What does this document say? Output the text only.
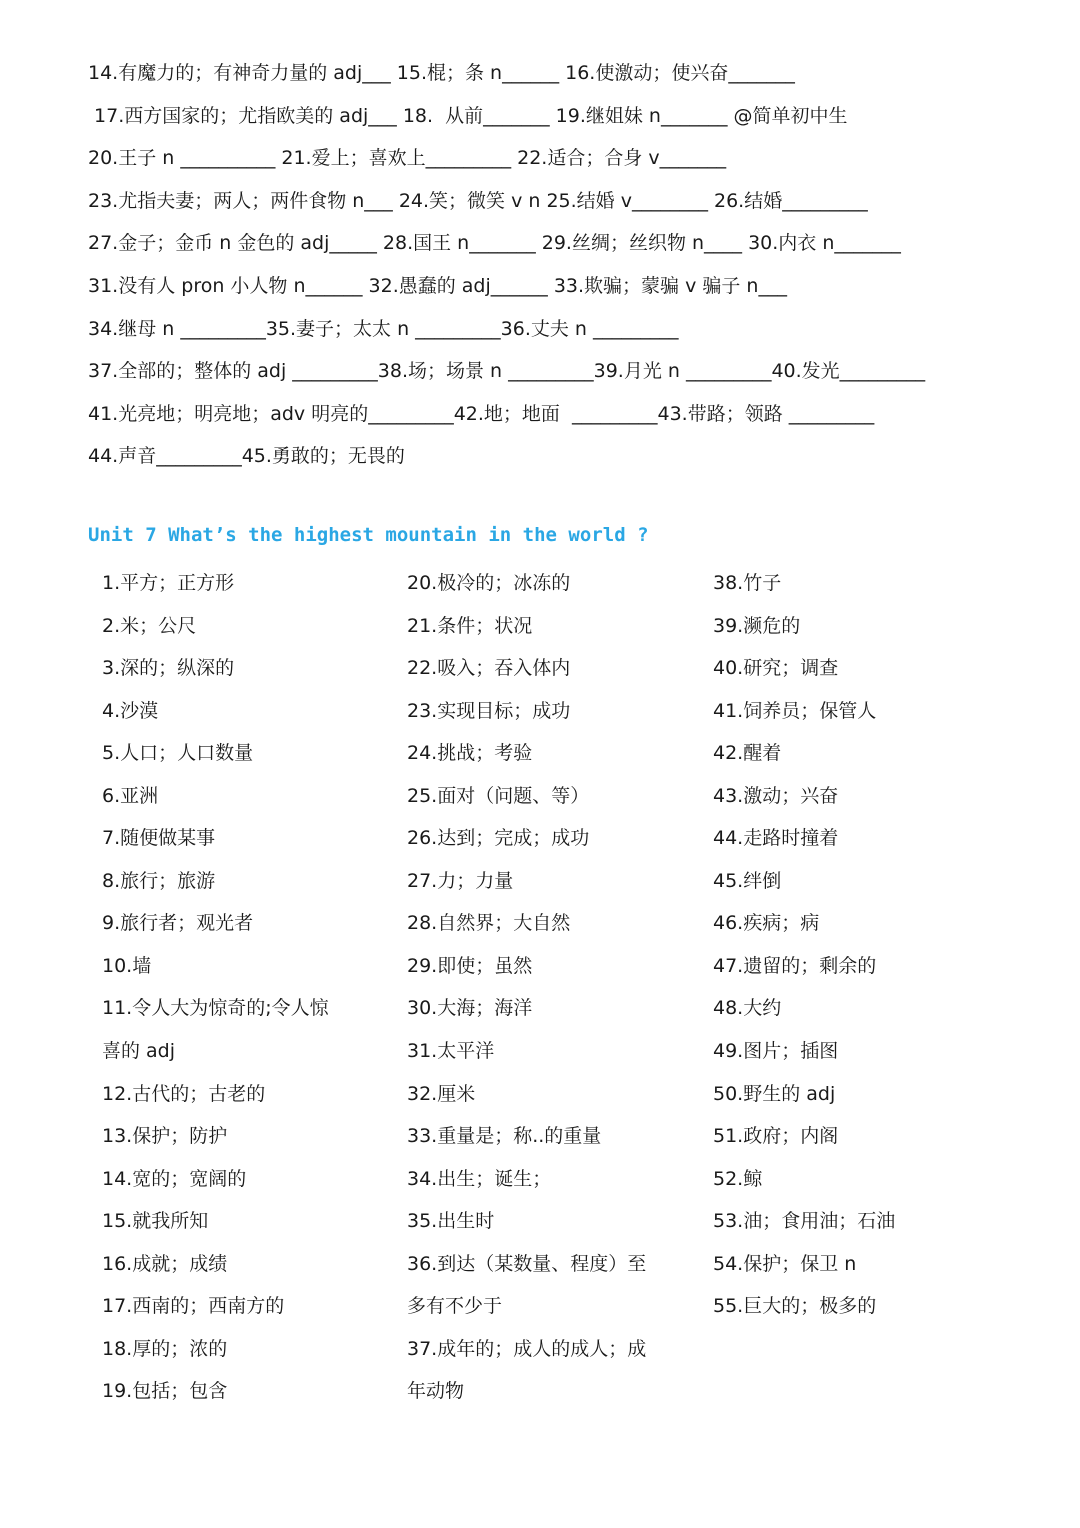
14.有魔力的；有神奇力量的 adj___ 15.棍；条 n______ 16.使激动；使兴奋_______
17.西方国家的；尤指欧美的 adj___ 18.  从前_______ 19.继姐妹 n_______ @简单初中生
20.王子 n __________ 21.爱上；喜欢上_________ 22.适合；合身 v_______
23.尤指夫妻；两人；两件食物 n___ 24.笑；微笑 v n 25.结婚 v________ 26.结婚_________
27.金子；金币 n 金色的 adj_____ 28.国王 n_______ 29.丝绸；丝织物 n____ 30.内衣 n_______
31.没有人 pron 小人物 n______ 32.愚蠢的 adj______ 33.欺骗；蒙骗 v 骗子 n___
34.继母 n _________35.妻子；太太 n _________36.丈夫 n _________
37.全部的；整体的 adj _________38.场；场景 n _________39.月光 n _________40.发光_________
41.光亮地；明亮地；adv 明亮的_________42.地；地面  _________43.带路；领路 _________
44.声音_________45.勇敢的；无畏的
Unit 7 What’s the highest mountain in the world ?
1.平方；正方形
2.米；公尺
3.深的；纵深的
4.沙漠
5.人口；人口数量
6.亚洲
7.随便做某事
8.旅行；旅游
9.旅行者；观光者
10.墙
11.令人大为惊奇的;令人惊
喜的 adj
12.古代的；古老的
13.保护；防护
14.宽的；宽阔的
15.就我所知
16.成就；成绩
17.西南的；西南方的
18.厚的；浓的
19.包括；包含
20.极冷的；冰冻的
21.条件；状况
22.吸入；吞入体内
23.实现目标；成功
24.挑战；考验
25.面对（问题、等）
26.达到；完成；成功
27.力；力量
28.自然界；大自然
29.即使；虽然
30.大海；海洋
31.太平洋
32.厘米
33.重量是；称..的重量
34.出生；诞生；
35.出生时
36.到达（某数量、程度）至
多有不少于
37.成年的；成人的成人；成
年动物
38.竹子
39.濒危的
40.研究；调查
41.饲养员；保管人
42.醒着
43.激动；兴奋
44.走路时撞着
45.绊倒
46.疾病；病
47.遗留的；剩余的
48.大约
49.图片；插图
50.野生的 adj
51.政府；内阁
52.鲸
53.油；食用油；石油
54.保护；保卫 n
55.巨大的；极多的
